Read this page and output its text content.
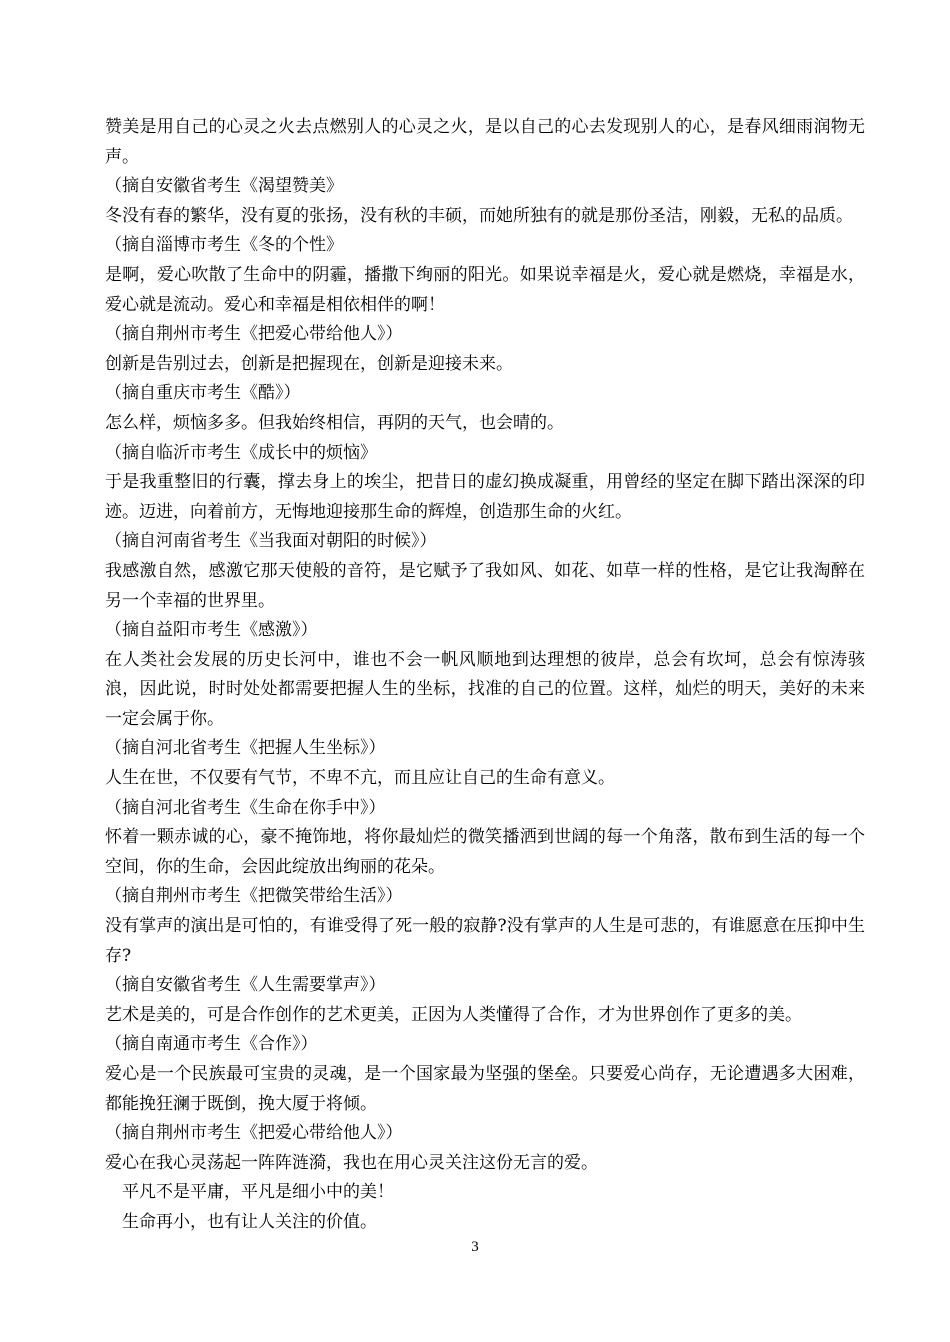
赞美是用自己的心灵之火去点燃别人的心灵之火，是以自己的心去发现别人的心，是春风细雨润物无声。

（摘自安徽省考生《渴望赞美》

冬没有春的繁华，没有夏的张扬，没有秋的丰硕，而她所独有的就是那份圣洁，刚毅，无私的品质。

（摘自淄博市考生《冬的个性》

是啊，爱心吹散了生命中的阴霾，播撒下绚丽的阳光。如果说幸福是火，爱心就是燃烧，幸福是水，爱心就是流动。爱心和幸福是相依相伴的啊！

（摘自荆州市考生《把爱心带给他人》）

创新是告别过去，创新是把握现在，创新是迎接未来。

（摘自重庆市考生《酷》）

怎么样，烦恼多多。但我始终相信，再阴的天气，也会晴的。

（摘自临沂市考生《成长中的烦恼》

于是我重整旧的行囊，撑去身上的埃尘，把昔日的虚幻换成凝重，用曾经的坚定在脚下踏出深深的印迹。迈进，向着前方，无悔地迎接那生命的辉煌，创造那生命的火红。

（摘自河南省考生《当我面对朝阳的时候》）

我感激自然，感激它那天使般的音符，是它赋予了我如风、如花、如草一样的性格，是它让我淘醉在另一个幸福的世界里。

（摘自益阳市考生《感激》）

在人类社会发展的历史长河中，谁也不会一帆风顺地到达理想的彼岸，总会有坎坷，总会有惊涛骇浪，因此说，时时处处都需要把握人生的坐标，找准的自己的位置。这样，灿烂的明天，美好的未来一定会属于你。

（摘自河北省考生《把握人生坐标》）

人生在世，不仅要有气节，不卑不亢，而且应让自己的生命有意义。

（摘自河北省考生《生命在你手中》）

怀着一颗赤诚的心，豪不掩饰地，将你最灿烂的微笑播洒到世阔的每一个角落，散布到生活的每一个空间，你的生命，会因此绽放出绚丽的花朵。

（摘自荆州市考生《把微笑带给生活》）

没有掌声的演出是可怕的，有谁受得了死一般的寂静?没有掌声的人生是可悲的，有谁愿意在压抑中生存?

（摘自安徽省考生《人生需要掌声》）

艺术是美的，可是合作创作的艺术更美，正因为人类懂得了合作，才为世界创作了更多的美。

（摘自南通市考生《合作》）

爱心是一个民族最可宝贵的灵魂，是一个国家最为坚强的堡垒。只要爱心尚存，无论遭遇多大困难，都能挽狂澜于既倒，挽大厦于将倾。

（摘自荆州市考生《把爱心带给他人》）

爱心在我心灵荡起一阵阵涟漪，我也在用心灵关注这份无言的爱。

平凡不是平庸，平凡是细小中的美！

生命再小，也有让人关注的价值。

3
